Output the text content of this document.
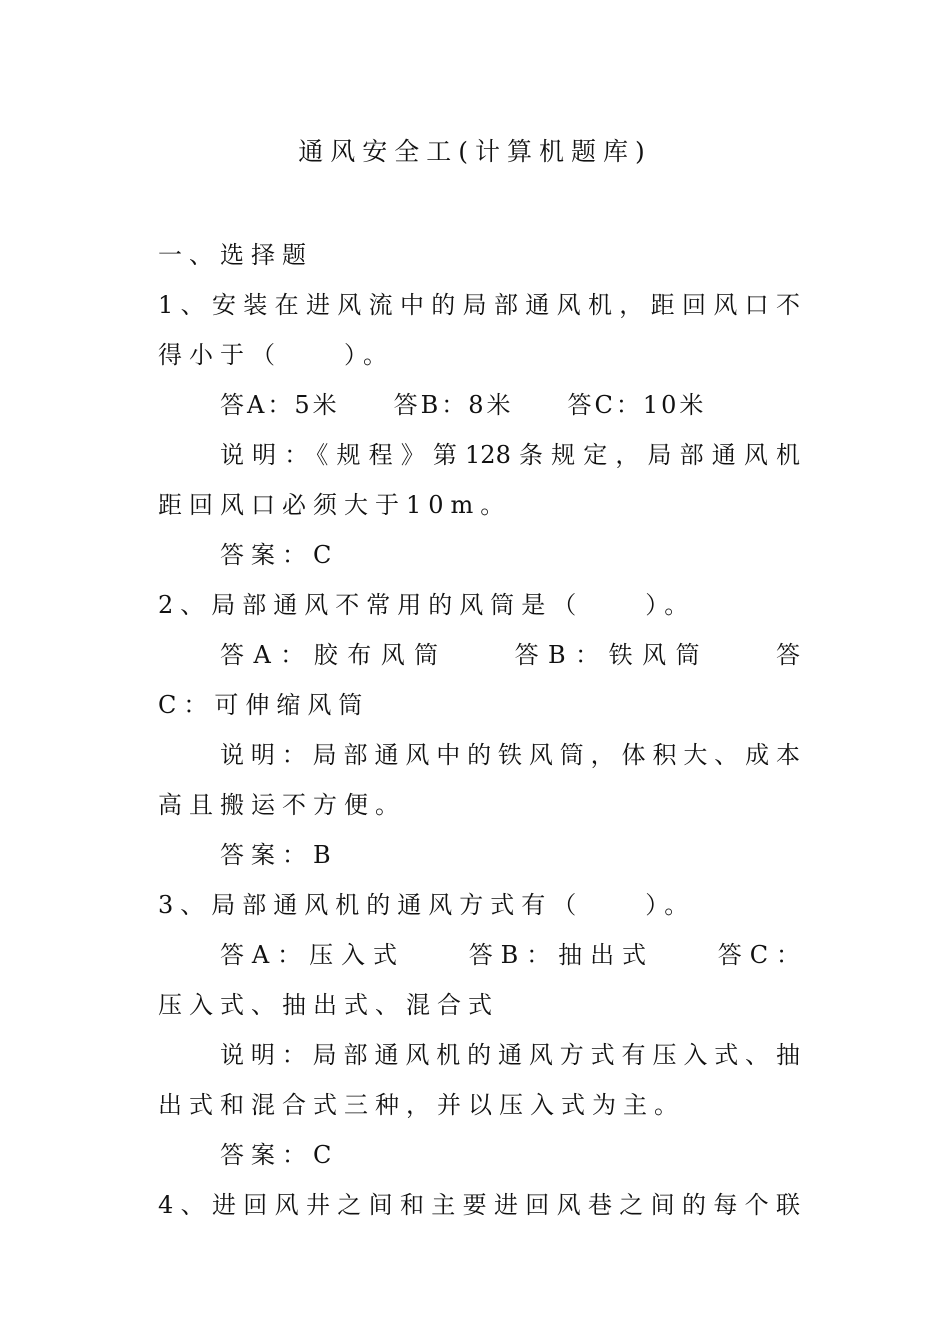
通风安全工(计算机题库)
一、选择题
1、安装在进风流中的局部通风机，距回风口不
得小于（　　）。
答A：5米　　答B：8米　　答C：10米
说明：《规程》第128条规定，局部通风机
距回风口必须大于10m。
答案：C
2、局部通风不常用的风筒是（　　）。
答A：胶布风筒　　答B：铁风筒　　答
C：可伸缩风筒
说明：局部通风中的铁风筒，体积大、成本
高且搬运不方便。
答案：B
3、局部通风机的通风方式有（　　）。
答A：压入式　　答B：抽出式　　答C：
压入式、抽出式、混合式
说明：局部通风机的通风方式有压入式、抽
出式和混合式三种，并以压入式为主。
答案：C
4、进回风井之间和主要进回风巷之间的每个联
